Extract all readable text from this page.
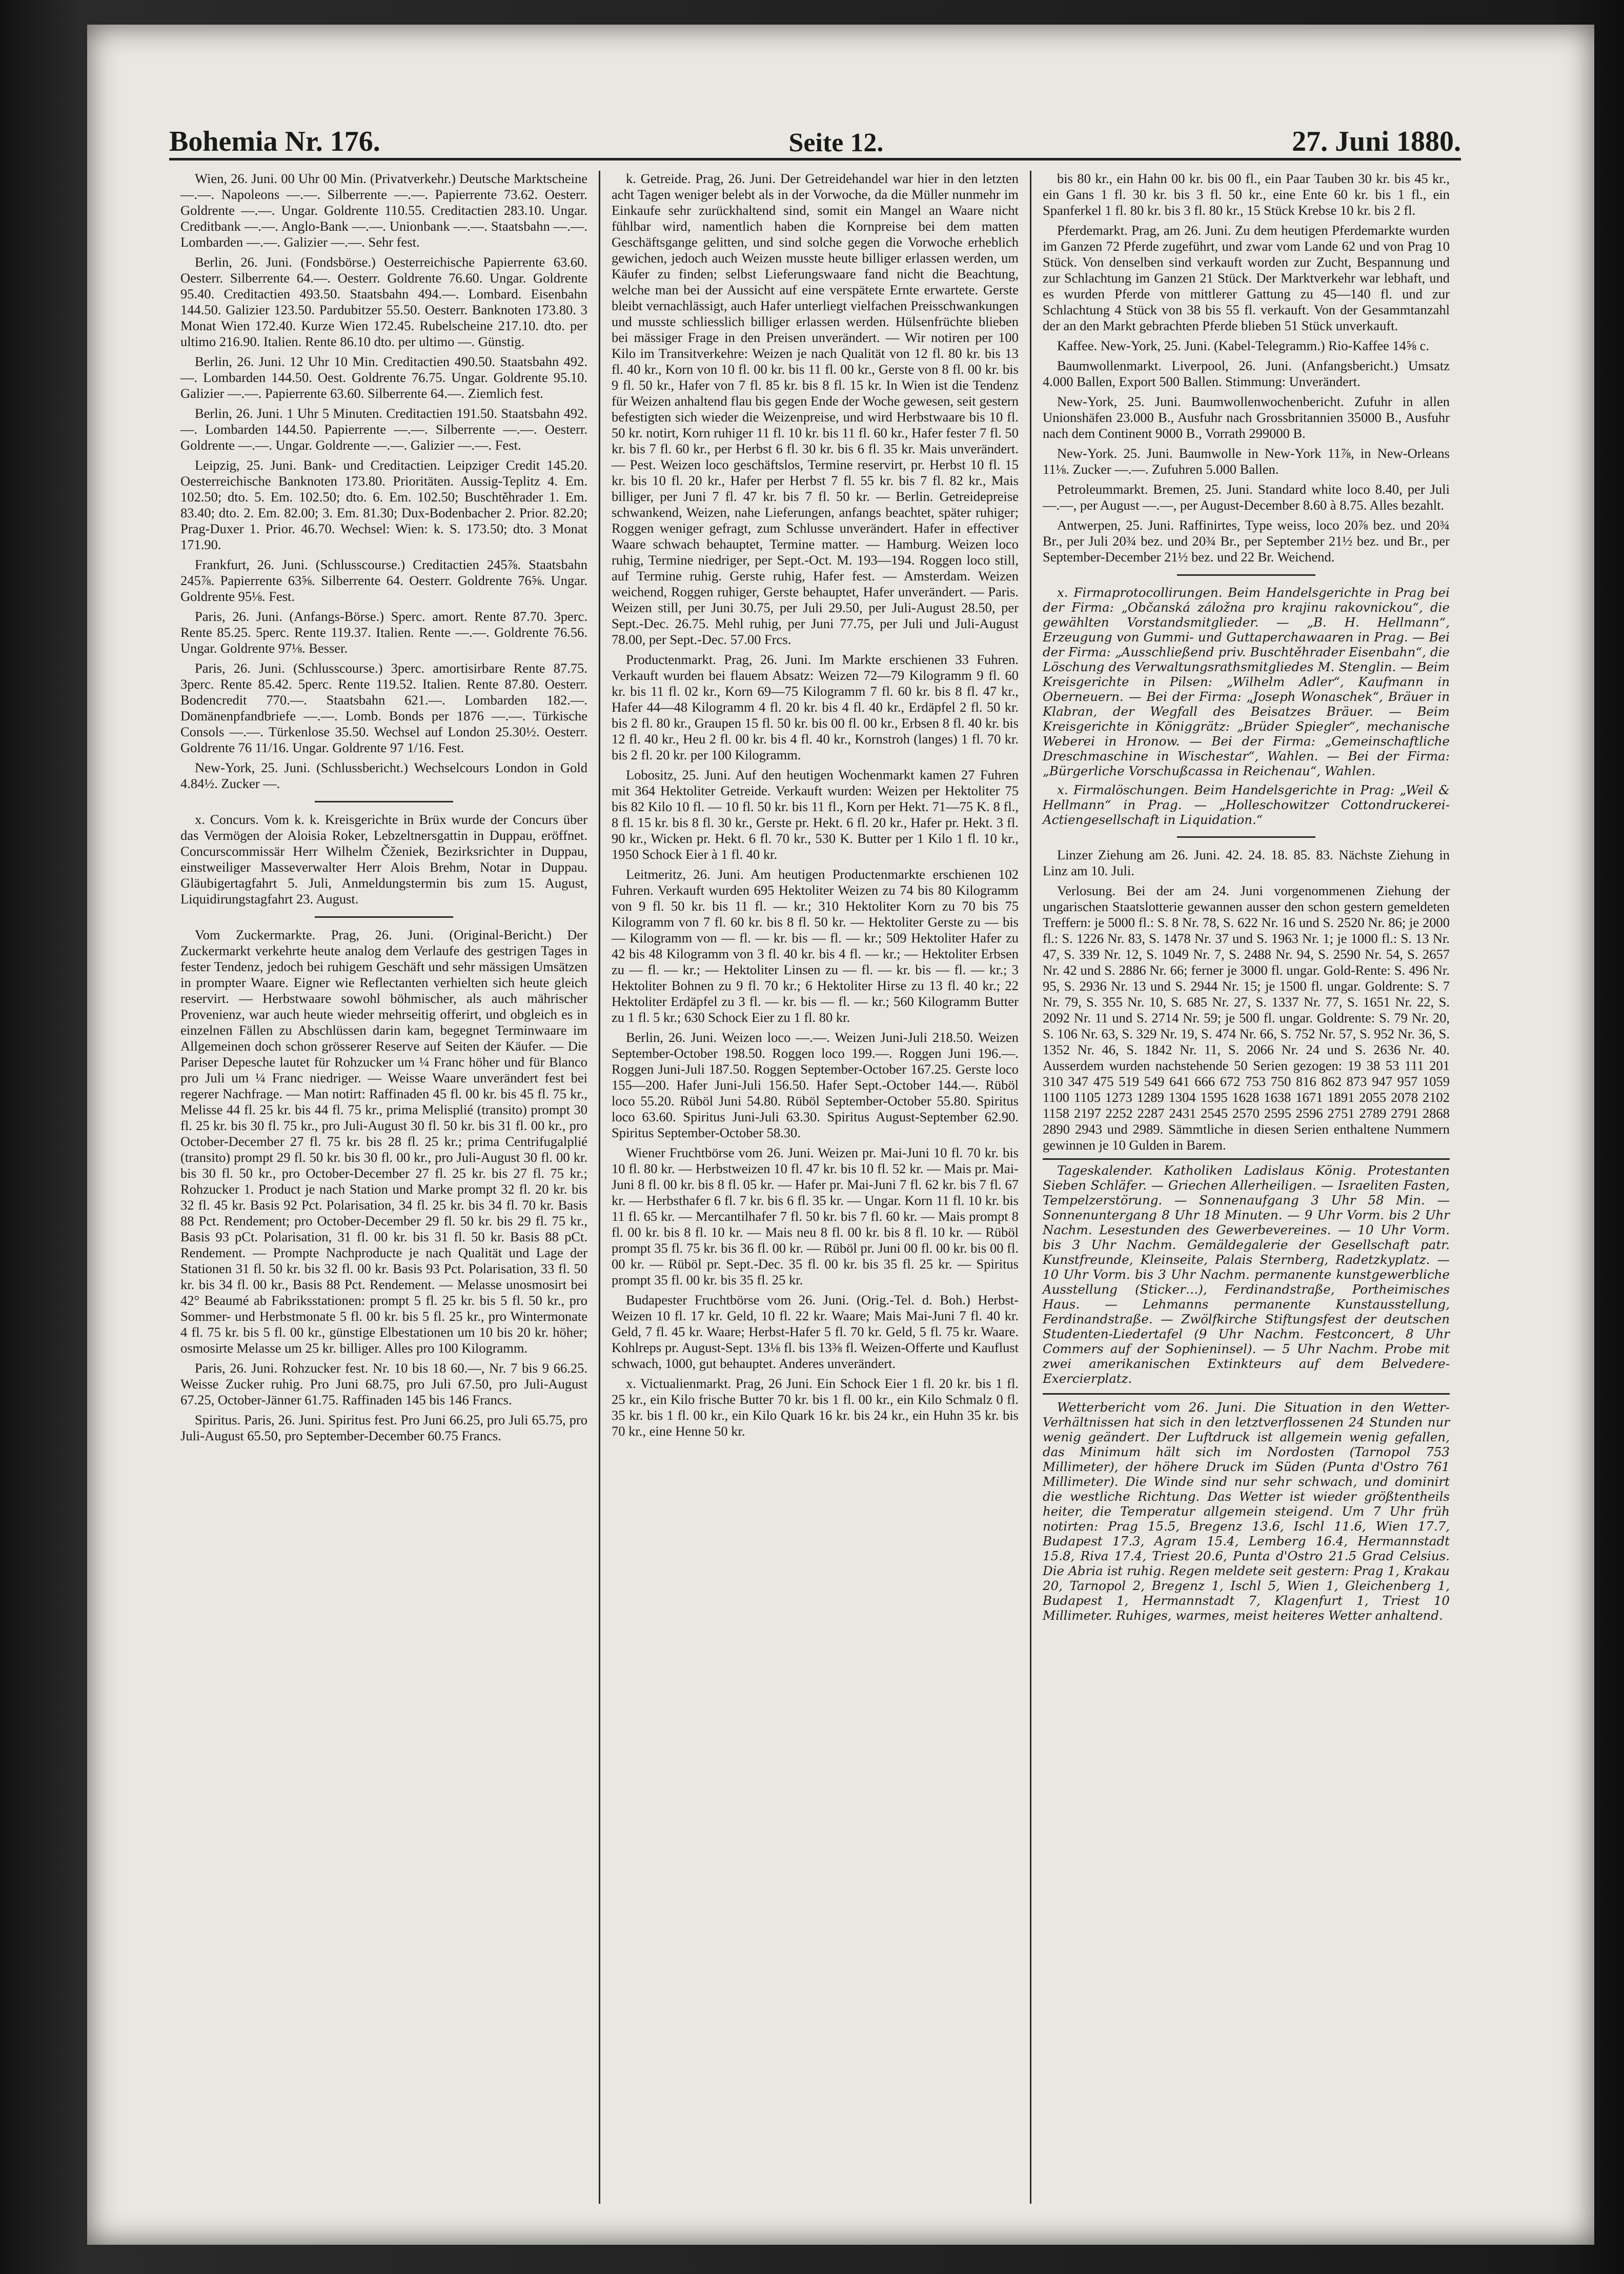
Bohemia Nr. 176.	Seite 12.	27. Juni 1880.

Wien, 26. Juni. 00 Uhr 00 Min. (Privatverkehr.) Deutsche Marktscheine —.—. Napoleons —.—. Silberrente —.—. Papierrente 73.62. Oesterr. Goldrente —.—. Ungar. Goldrente 110.55. Creditactien 283.10. Ungar. Creditbank —.—. Anglo-Bank —.—. Unionbank —.—. Staatsbahn —.—. Lombarden —.—. Galizier —.—. Sehr fest.

Berlin, 26. Juni. (Fondsbörse.) Oesterreichische Papierrente 63.60. Oesterr. Silberrente 64.—. Oesterr. Goldrente 76.60. Ungar. Goldrente 95.40. Creditactien 493.50. Staatsbahn 494.—. Lombard. Eisenbahn 144.50. Galizier 123.50. Pardubitzer 55.50. Oesterr. Banknoten 173.80. 3 Monat Wien 172.40. Kurze Wien 172.45. Rubelscheine 217.10. dto. per ultimo 216.90. Italien. Rente 86.10 dto. per ultimo —. Günstig.

Berlin, 26. Juni. 12 Uhr 10 Min. Creditactien 490.50. Staatsbahn 492.—. Lombarden 144.50. Oest. Goldrente 76.75. Ungar. Goldrente 95.10. Galizier —.—. Papierrente 63.60. Silberrente 64.—. Ziemlich fest.

Berlin, 26. Juni. 1 Uhr 5 Minuten. Creditactien 191.50. Staatsbahn 492.—. Lombarden 144.50. Papierrente —.—. Silberrente —.—. Oesterr. Goldrente —.—. Ungar. Goldrente —.—. Galizier —.—. Fest.

Leipzig, 25. Juni. Bank- und Creditactien. Leipziger Credit 145.20. Oesterreichische Banknoten 173.80. Prioritäten. Aussig-Teplitz 4. Em. 102.50; dto. 5. Em. 102.50; dto. 6. Em. 102.50; Buschtěhrader 1. Em. 83.40; dto. 2. Em. 82.00; 3. Em. 81.30; Dux-Bodenbacher 2. Prior. 82.20; Prag-Duxer 1. Prior. 46.70. Wechsel: Wien: k. S. 173.50; dto. 3 Monat 171.90.

Frankfurt, 26. Juni. (Schlusscourse.) Creditactien 245⅞. Staatsbahn 245⅞. Papierrente 63⅝. Silberrente 64. Oesterr. Goldrente 76⅝. Ungar. Goldrente 95⅛. Fest.

Paris, 26. Juni. (Anfangs-Börse.) Sperc. amort. Rente 87.70. 3perc. Rente 85.25. 5perc. Rente 119.37. Italien. Rente —.—. Goldrente 76.56. Ungar. Goldrente 97⅛. Besser.

Paris, 26. Juni. (Schlusscourse.) 3perc. amortisirbare Rente 87.75. 3perc. Rente 85.42. 5perc. Rente 119.52. Italien. Rente 87.80. Oesterr. Bodencredit 770.—. Staatsbahn 621.—. Lombarden 182.—. Domänenpfandbriefe —.—. Lomb. Bonds per 1876 —.—. Türkische Consols —.—. Türkenlose 35.50. Wechsel auf London 25.30½. Oesterr. Goldrente 76 11/16. Ungar. Goldrente 97 1/16. Fest.

New-York, 25. Juni. (Schlussbericht.) Wechselcours London in Gold 4.84½. Zucker —.

x. Concurs. Vom k. k. Kreisgerichte in Brüx wurde der Concurs über das Vermögen der Aloisia Roker, Lebzeltnersgattin in Duppau, eröffnet. Concurscommissär Herr Wilhelm Čženiek, Bezirksrichter in Duppau, einstweiliger Masseverwalter Herr Alois Brehm, Notar in Duppau. Gläubigertagfahrt 5. Juli, Anmeldungstermin bis zum 15. August, Liquidirungstagfahrt 23. August.

Vom Zuckermarkte. Prag, 26. Juni. (Original-Bericht.) Der Zuckermarkt verkehrte heute analog dem Verlaufe des gestrigen Tages in fester Tendenz, jedoch bei ruhigem Geschäft und sehr mässigen Umsätzen in prompter Waare. Eigner wie Reflectanten verhielten sich heute gleich reservirt. — Herbstwaare sowohl böhmischer, als auch mährischer Provenienz, war auch heute wieder mehrseitig offerirt, und obgleich es in einzelnen Fällen zu Abschlüssen darin kam, begegnet Terminwaare im Allgemeinen doch schon grösserer Reserve auf Seiten der Käufer. — Die Pariser Depesche lautet für Rohzucker um ¼ Franc höher und für Blanco pro Juli um ¼ Franc niedriger. — Weisse Waare unverändert fest bei regerer Nachfrage. — Man notirt: Raffinaden 45 fl. 00 kr. bis 45 fl. 75 kr., Melisse 44 fl. 25 kr. bis 44 fl. 75 kr., prima Melisplié (transito) prompt 30 fl. 25 kr. bis 30 fl. 75 kr., pro Juli-August 30 fl. 50 kr. bis 31 fl. 00 kr., pro October-December 27 fl. 75 kr. bis 28 fl. 25 kr.; prima Centrifugalplié (transito) prompt 29 fl. 50 kr. bis 30 fl. 00 kr., pro Juli-August 30 fl. 00 kr. bis 30 fl. 50 kr., pro October-December 27 fl. 25 kr. bis 27 fl. 75 kr.; Rohzucker 1. Product je nach Station und Marke prompt 32 fl. 20 kr. bis 32 fl. 45 kr. Basis 92 Pct. Polarisation, 34 fl. 25 kr. bis 34 fl. 70 kr. Basis 88 Pct. Rendement; pro October-December 29 fl. 50 kr. bis 29 fl. 75 kr., Basis 93 pCt. Polarisation, 31 fl. 00 kr. bis 31 fl. 50 kr. Basis 88 pCt. Rendement. — Prompte Nachproducte je nach Qualität und Lage der Stationen 31 fl. 50 kr. bis 32 fl. 00 kr. Basis 93 Pct. Polarisation, 33 fl. 50 kr. bis 34 fl. 00 kr., Basis 88 Pct. Rendement. — Melasse unosmosirt bei 42° Beaumé ab Fabriksstationen: prompt 5 fl. 25 kr. bis 5 fl. 50 kr., pro Sommer- und Herbstmonate 5 fl. 00 kr. bis 5 fl. 25 kr., pro Wintermonate 4 fl. 75 kr. bis 5 fl. 00 kr., günstige Elbestationen um 10 bis 20 kr. höher; osmosirte Melasse um 25 kr. billiger. Alles pro 100 Kilogramm.

Paris, 26. Juni. Rohzucker fest. Nr. 10 bis 18 60.—, Nr. 7 bis 9 66.25. Weisse Zucker ruhig. Pro Juni 68.75, pro Juli 67.50, pro Juli-August 67.25, October-Jänner 61.75. Raffinaden 145 bis 146 Francs.

Spiritus. Paris, 26. Juni. Spiritus fest. Pro Juni 66.25, pro Juli 65.75, pro Juli-August 65.50, pro September-December 60.75 Francs.

k. Getreide. Prag, 26. Juni. Der Getreidehandel war hier in den letzten acht Tagen weniger belebt als in der Vorwoche, da die Müller nunmehr im Einkaufe sehr zurückhaltend sind, somit ein Mangel an Waare nicht fühlbar wird, namentlich haben die Kornpreise bei dem matten Geschäftsgange gelitten, und sind solche gegen die Vorwoche erheblich gewichen, jedoch auch Weizen musste heute billiger erlassen werden, um Käufer zu finden; selbst Lieferungswaare fand nicht die Beachtung, welche man bei der Aussicht auf eine verspätete Ernte erwartete. Gerste bleibt vernachlässigt, auch Hafer unterliegt vielfachen Preisschwankungen und musste schliesslich billiger erlassen werden. Hülsenfrüchte blieben bei mässiger Frage in den Preisen unverändert. — Wir notiren per 100 Kilo im Transitverkehre: Weizen je nach Qualität von 12 fl. 80 kr. bis 13 fl. 40 kr., Korn von 10 fl. 00 kr. bis 11 fl. 00 kr., Gerste von 8 fl. 00 kr. bis 9 fl. 50 kr., Hafer von 7 fl. 85 kr. bis 8 fl. 15 kr. In Wien ist die Tendenz für Weizen anhaltend flau bis gegen Ende der Woche gewesen, seit gestern befestigten sich wieder die Weizenpreise, und wird Herbstwaare bis 10 fl. 50 kr. notirt, Korn ruhiger 11 fl. 10 kr. bis 11 fl. 60 kr., Hafer fester 7 fl. 50 kr. bis 7 fl. 60 kr., per Herbst 6 fl. 30 kr. bis 6 fl. 35 kr. Mais unverändert. — Pest. Weizen loco geschäftslos, Termine reservirt, pr. Herbst 10 fl. 15 kr. bis 10 fl. 20 kr., Hafer per Herbst 7 fl. 55 kr. bis 7 fl. 82 kr., Mais billiger, per Juni 7 fl. 47 kr. bis 7 fl. 50 kr. — Berlin. Getreidepreise schwankend, Weizen, nahe Lieferungen, anfangs beachtet, später ruhiger; Roggen weniger gefragt, zum Schlusse unverändert. Hafer in effectiver Waare schwach behauptet, Termine matter. — Hamburg. Weizen loco ruhig, Termine niedriger, per Sept.-Oct. M. 193—194. Roggen loco still, auf Termine ruhig. Gerste ruhig, Hafer fest. — Amsterdam. Weizen weichend, Roggen ruhiger, Gerste behauptet, Hafer unverändert. — Paris. Weizen still, per Juni 30.75, per Juli 29.50, per Juli-August 28.50, per Sept.-Dec. 26.75. Mehl ruhig, per Juni 77.75, per Juli und Juli-August 78.00, per Sept.-Dec. 57.00 Frcs.

Productenmarkt. Prag, 26. Juni. Im Markte erschienen 33 Fuhren. Verkauft wurden bei flauem Absatz: Weizen 72—79 Kilogramm 9 fl. 60 kr. bis 11 fl. 02 kr., Korn 69—75 Kilogramm 7 fl. 60 kr. bis 8 fl. 47 kr., Hafer 44—48 Kilogramm 4 fl. 20 kr. bis 4 fl. 40 kr., Erdäpfel 2 fl. 50 kr. bis 2 fl. 80 kr., Graupen 15 fl. 50 kr. bis 00 fl. 00 kr., Erbsen 8 fl. 40 kr. bis 12 fl. 40 kr., Heu 2 fl. 00 kr. bis 4 fl. 40 kr., Kornstroh (langes) 1 fl. 70 kr. bis 2 fl. 20 kr. per 100 Kilogramm.

Lobositz, 25. Juni. Auf den heutigen Wochenmarkt kamen 27 Fuhren mit 364 Hektoliter Getreide. Verkauft wurden: Weizen per Hektoliter 75 bis 82 Kilo 10 fl. — 10 fl. 50 kr. bis 11 fl., Korn per Hekt. 71—75 K. 8 fl., 8 fl. 15 kr. bis 8 fl. 30 kr., Gerste pr. Hekt. 6 fl. 20 kr., Hafer pr. Hekt. 3 fl. 90 kr., Wicken pr. Hekt. 6 fl. 70 kr., 530 K. Butter per 1 Kilo 1 fl. 10 kr., 1950 Schock Eier à 1 fl. 40 kr.

Leitmeritz, 26. Juni. Am heutigen Productenmarkte erschienen 102 Fuhren. Verkauft wurden 695 Hektoliter Weizen zu 74 bis 80 Kilogramm von 9 fl. 50 kr. bis 11 fl. — kr.; 310 Hektoliter Korn zu 70 bis 75 Kilogramm von 7 fl. 60 kr. bis 8 fl. 50 kr. — Hektoliter Gerste zu — bis — Kilogramm von — fl. — kr. bis — fl. — kr.; 509 Hektoliter Hafer zu 42 bis 48 Kilogramm von 3 fl. 40 kr. bis 4 fl. — kr.; — Hektoliter Erbsen zu — fl. — kr.; — Hektoliter Linsen zu — fl. — kr. bis — fl. — kr.; 3 Hektoliter Bohnen zu 9 fl. 70 kr.; 6 Hektoliter Hirse zu 13 fl. 40 kr.; 22 Hektoliter Erdäpfel zu 3 fl. — kr. bis — fl. — kr.; 560 Kilogramm Butter zu 1 fl. 5 kr.; 630 Schock Eier zu 1 fl. 80 kr.

Berlin, 26. Juni. Weizen loco —.—. Weizen Juni-Juli 218.50. Weizen September-October 198.50. Roggen loco 199.—. Roggen Juni 196.—. Roggen Juni-Juli 187.50. Roggen September-October 167.25. Gerste loco 155—200. Hafer Juni-Juli 156.50. Hafer Sept.-October 144.—. Rüböl loco 55.20. Rüböl Juni 54.80. Rüböl September-October 55.80. Spiritus loco 63.60. Spiritus Juni-Juli 63.30. Spiritus August-September 62.90. Spiritus September-October 58.30.

Wiener Fruchtbörse vom 26. Juni. Weizen pr. Mai-Juni 10 fl. 70 kr. bis 10 fl. 80 kr. — Herbstweizen 10 fl. 47 kr. bis 10 fl. 52 kr. — Mais pr. Mai-Juni 8 fl. 00 kr. bis 8 fl. 05 kr. — Hafer pr. Mai-Juni 7 fl. 62 kr. bis 7 fl. 67 kr. — Herbsthafer 6 fl. 7 kr. bis 6 fl. 35 kr. — Ungar. Korn 11 fl. 10 kr. bis 11 fl. 65 kr. — Mercantilhafer 7 fl. 50 kr. bis 7 fl. 60 kr. — Mais prompt 8 fl. 00 kr. bis 8 fl. 10 kr. — Mais neu 8 fl. 00 kr. bis 8 fl. 10 kr. — Rüböl prompt 35 fl. 75 kr. bis 36 fl. 00 kr. — Rüböl pr. Juni 00 fl. 00 kr. bis 00 fl. 00 kr. — Rüböl pr. Sept.-Dec. 35 fl. 00 kr. bis 35 fl. 25 kr. — Spiritus prompt 35 fl. 00 kr. bis 35 fl. 25 kr.

Budapester Fruchtbörse vom 26. Juni. (Orig.-Tel. d. Boh.) Herbst-Weizen 10 fl. 17 kr. Geld, 10 fl. 22 kr. Waare; Mais Mai-Juni 7 fl. 40 kr. Geld, 7 fl. 45 kr. Waare; Herbst-Hafer 5 fl. 70 kr. Geld, 5 fl. 75 kr. Waare. Kohlreps pr. August-Sept. 13⅛ fl. bis 13⅜ fl. Weizen-Offerte und Kauflust schwach, 1000, gut behauptet. Anderes unverändert.

x. Victualienmarkt. Prag, 26 Juni. Ein Schock Eier 1 fl. 20 kr. bis 1 fl. 25 kr., ein Kilo frische Butter 70 kr. bis 1 fl. 00 kr., ein Kilo Schmalz 0 fl. 35 kr. bis 1 fl. 00 kr., ein Kilo Quark 16 kr. bis 24 kr., ein Huhn 35 kr. bis 70 kr., eine Henne 50 kr.

bis 80 kr., ein Hahn 00 kr. bis 00 fl., ein Paar Tauben 30 kr. bis 45 kr., ein Gans 1 fl. 30 kr. bis 3 fl. 50 kr., eine Ente 60 kr. bis 1 fl., ein Spanferkel 1 fl. 80 kr. bis 3 fl. 80 kr., 15 Stück Krebse 10 kr. bis 2 fl.

Pferdemarkt. Prag, am 26. Juni. Zu dem heutigen Pferdemarkte wurden im Ganzen 72 Pferde zugeführt, und zwar vom Lande 62 und von Prag 10 Stück. Von denselben sind verkauft worden zur Zucht, Bespannung und zur Schlachtung im Ganzen 21 Stück. Der Marktverkehr war lebhaft, und es wurden Pferde von mittlerer Gattung zu 45—140 fl. und zur Schlachtung 4 Stück von 38 bis 55 fl. verkauft. Von der Gesammtanzahl der an den Markt gebrachten Pferde blieben 51 Stück unverkauft.

Kaffee. New-York, 25. Juni. (Kabel-Telegramm.) Rio-Kaffee 14⅝ c.

Baumwollenmarkt. Liverpool, 26. Juni. (Anfangsbericht.) Umsatz 4.000 Ballen, Export 500 Ballen. Stimmung: Unverändert.

New-York, 25. Juni. Baumwollenwochenbericht. Zufuhr in allen Unionshäfen 23.000 B., Ausfuhr nach Grossbritannien 35000 B., Ausfuhr nach dem Continent 9000 B., Vorrath 299000 B.

New-York. 25. Juni. Baumwolle in New-York 11⅞, in New-Orleans 11⅛. Zucker —.—. Zufuhren 5.000 Ballen.

Petroleummarkt. Bremen, 25. Juni. Standard white loco 8.40, per Juli —.—, per August —.—, per August-December 8.60 à 8.75. Alles bezahlt.

Antwerpen, 25. Juni. Raffinirtes, Type weiss, loco 20⅞ bez. und 20¾ Br., per Juli 20¾ bez. und 20¾ Br., per September 21½ bez. und Br., per September-December 21½ bez. und 22 Br. Weichend.

x. Firmaprotocollirungen. Beim Handelsgerichte in Prag bei der Firma: „Občanská záložna pro krajinu rakovnickou“, die gewählten Vorstandsmitglieder. — „B. H. Hellmann“, Erzeugung von Gummi- und Guttaperchawaaren in Prag. — Bei der Firma: „Ausschließend priv. Buschtěhrader Eisenbahn“, die Löschung des Verwaltungsrathsmitgliedes M. Stenglin. — Beim Kreisgerichte in Pilsen: „Wilhelm Adler“, Kaufmann in Oberneuern. — Bei der Firma: „Joseph Wonaschek“, Bräuer in Klabran, der Wegfall des Beisatzes Bräuer. — Beim Kreisgerichte in Königgrätz: „Brüder Spiegler“, mechanische Weberei in Hronow. — Bei der Firma: „Gemeinschaftliche Dreschmaschine in Wischestar“, Wahlen. — Bei der Firma: „Bürgerliche Vorschußcassa in Reichenau“, Wahlen.

x. Firmalöschungen. Beim Handelsgerichte in Prag: „Weil & Hellmann“ in Prag. — „Holleschowitzer Cottondruckerei-Actiengesellschaft in Liquidation.“

Linzer Ziehung am 26. Juni. 42. 24. 18. 85. 83. Nächste Ziehung in Linz am 10. Juli.

Verlosung. Bei der am 24. Juni vorgenommenen Ziehung der ungarischen Staatslotterie gewannen ausser den schon gestern gemeldeten Treffern: je 5000 fl.: S. 8 Nr. 78, S. 622 Nr. 16 und S. 2520 Nr. 86; je 2000 fl.: S. 1226 Nr. 83, S. 1478 Nr. 37 und S. 1963 Nr. 1; je 1000 fl.: S. 13 Nr. 47, S. 339 Nr. 12, S. 1049 Nr. 7, S. 2488 Nr. 94, S. 2590 Nr. 54, S. 2657 Nr. 42 und S. 2886 Nr. 66; ferner je 3000 fl. ungar. Gold-Rente: S. 496 Nr. 95, S. 2936 Nr. 13 und S. 2944 Nr. 15; je 1500 fl. ungar. Goldrente: S. 7 Nr. 79, S. 355 Nr. 10, S. 685 Nr. 27, S. 1337 Nr. 77, S. 1651 Nr. 22, S. 2092 Nr. 11 und S. 2714 Nr. 59; je 500 fl. ungar. Goldrente: S. 79 Nr. 20, S. 106 Nr. 63, S. 329 Nr. 19, S. 474 Nr. 66, S. 752 Nr. 57, S. 952 Nr. 36, S. 1352 Nr. 46, S. 1842 Nr. 11, S. 2066 Nr. 24 und S. 2636 Nr. 40. Ausserdem wurden nachstehende 50 Serien gezogen: 19 38 53 111 201 310 347 475 519 549 641 666 672 753 750 816 862 873 947 957 1059 1100 1105 1273 1289 1304 1595 1628 1638 1671 1891 2055 2078 2102 1158 2197 2252 2287 2431 2545 2570 2595 2596 2751 2789 2791 2868 2890 2943 und 2989. Sämmtliche in diesen Serien enthaltene Nummern gewinnen je 10 Gulden in Barem.

Tageskalender. Katholiken Ladislaus König. Protestanten Sieben Schläfer. — Griechen Allerheiligen. — Israeliten Fasten, Tempelzerstörung. — Sonnenaufgang 3 Uhr 58 Min. — Sonnenuntergang 8 Uhr 18 Minuten. — 9 Uhr Vorm. bis 2 Uhr Nachm. Lesestunden des Gewerbevereines. — 10 Uhr Vorm. bis 3 Uhr Nachm. Gemäldegalerie der Gesellschaft patr. Kunstfreunde, Kleinseite, Palais Sternberg, Radetzkyplatz. — 10 Uhr Vorm. bis 3 Uhr Nachm. permanente kunstgewerbliche Ausstellung (Sticker…), Ferdinandstraße, Portheimisches Haus. — Lehmanns permanente Kunstausstellung, Ferdinandstraße. — Zwölfkirche Stiftungsfest der deutschen Studenten-Liedertafel (9 Uhr Nachm. Festconcert, 8 Uhr Commers auf der Sophieninsel). — 5 Uhr Nachm. Probe mit zwei amerikanischen Extinkteurs auf dem Belvedere-Exercierplatz.

Wetterbericht vom 26. Juni. Die Situation in den Wetter-Verhältnissen hat sich in den letztverflossenen 24 Stunden nur wenig geändert. Der Luftdruck ist allgemein wenig gefallen, das Minimum hält sich im Nordosten (Tarnopol 753 Millimeter), der höhere Druck im Süden (Punta d'Ostro 761 Millimeter). Die Winde sind nur sehr schwach, und dominirt die westliche Richtung. Das Wetter ist wieder größtentheils heiter, die Temperatur allgemein steigend. Um 7 Uhr früh notirten: Prag 15.5, Bregenz 13.6, Ischl 11.6, Wien 17.7, Budapest 17.3, Agram 15.4, Lemberg 16.4, Hermannstadt 15.8, Riva 17.4, Triest 20.6, Punta d'Ostro 21.5 Grad Celsius. Die Abria ist ruhig. Regen meldete seit gestern: Prag 1, Krakau 20, Tarnopol 2, Bregenz 1, Ischl 5, Wien 1, Gleichenberg 1, Budapest 1, Hermannstadt 7, Klagenfurt 1, Triest 10 Millimeter. Ruhiges, warmes, meist heiteres Wetter anhaltend.
